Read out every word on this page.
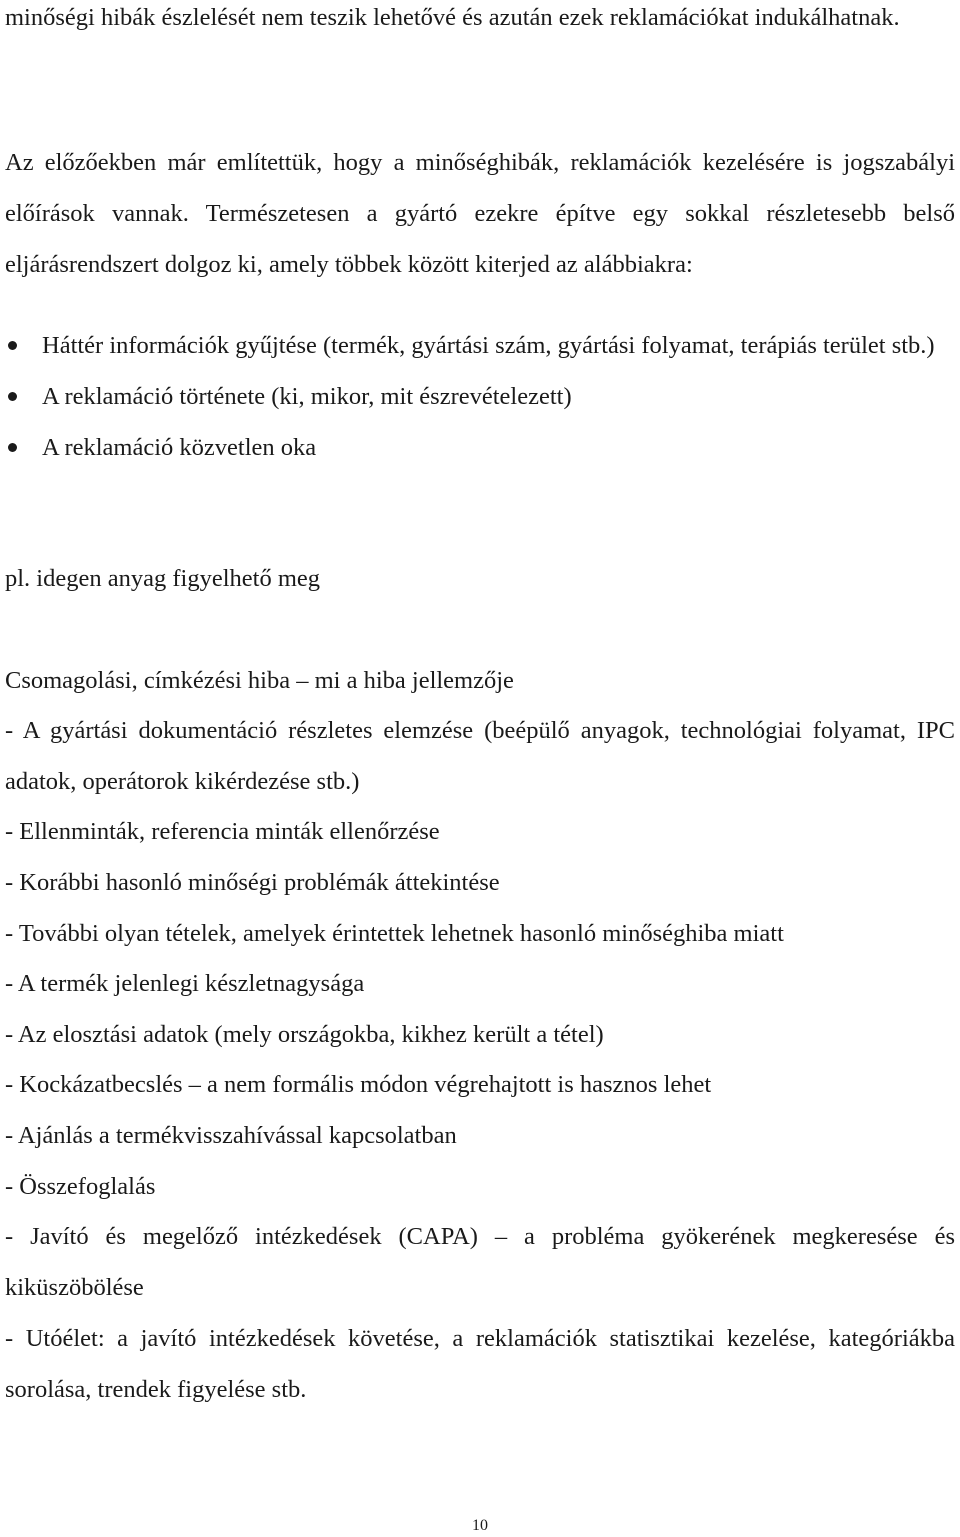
minőségi hibák észlelését nem teszik lehetővé és azután ezek reklamációkat indukálhatnak.
Az előzőekben már említettük, hogy a minőséghibák, reklamációk kezelésére is jogszabályi előírások vannak. Természetesen a gyártó ezekre építve egy sokkal részletesebb belső eljárásrendszert dolgoz ki, amely többek között kiterjed az alábbiakra:
Háttér információk gyűjtése (termék, gyártási szám, gyártási folyamat, terápiás terület stb.)
A reklamáció története (ki, mikor, mit észrevételezett)
A reklamáció közvetlen oka
pl. idegen anyag figyelhető meg
Csomagolási, címkézési hiba – mi a hiba jellemzője
- A gyártási dokumentáció részletes elemzése (beépülő anyagok, technológiai folyamat, IPC adatok, operátorok kikérdezése stb.)
- Ellenminták, referencia minták ellenőrzése
- Korábbi hasonló minőségi problémák áttekintése
- További olyan tételek, amelyek érintettek lehetnek hasonló minőséghiba miatt
- A termék jelenlegi készletnagysága
- Az elosztási adatok (mely országokba, kikhez került a tétel)
- Kockázatbecslés – a nem formális módon végrehajtott is hasznos lehet
- Ajánlás a termékvisszahívással kapcsolatban
- Összefoglalás
- Javító és megelőző intézkedések (CAPA) – a probléma gyökerének megkeresése és kiküszöbölése
- Utóélet: a javító intézkedések követése, a reklamációk statisztikai kezelése, kategóriákba sorolása, trendek figyelése stb.
10
